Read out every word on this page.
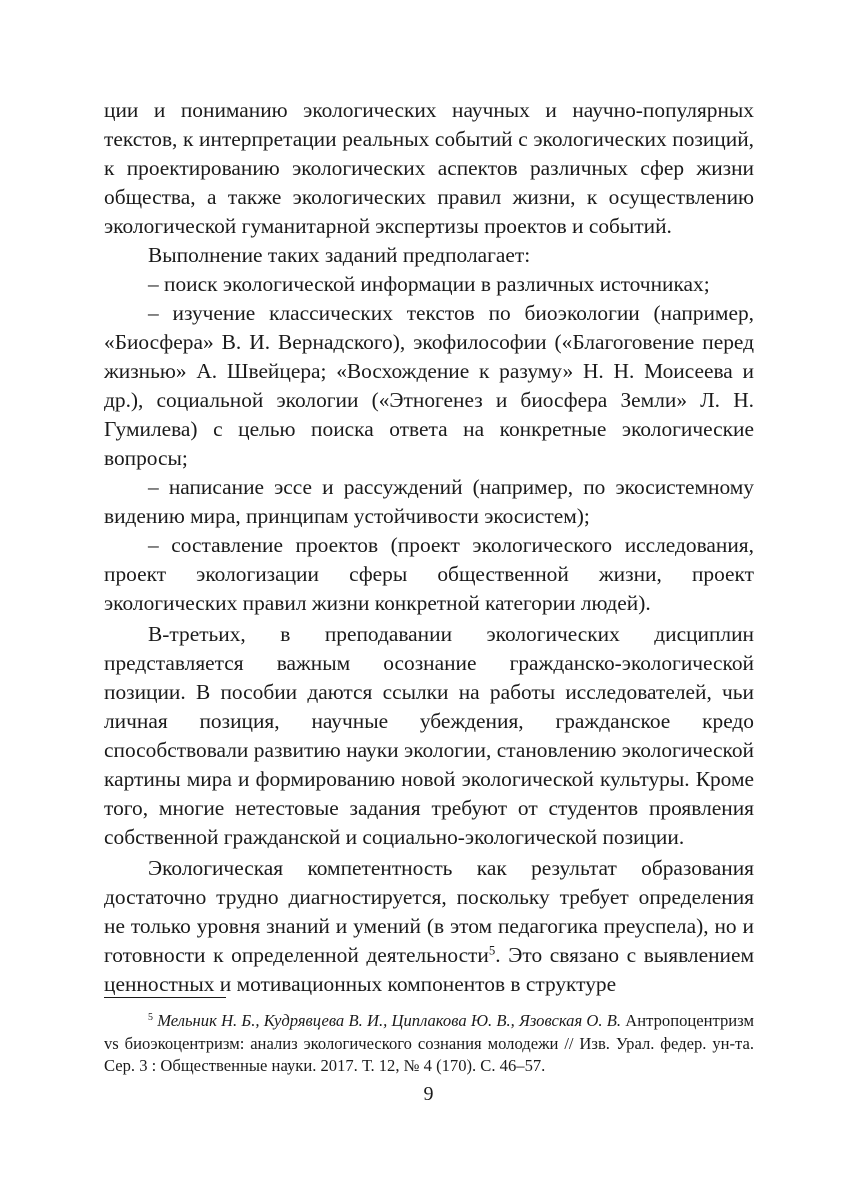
ции и пониманию экологических научных и научно-популярных текстов, к интерпретации реальных событий с экологических позиций, к проектированию экологических аспектов различных сфер жизни общества, а также экологических правил жизни, к осуществлению экологической гуманитарной экспертизы проектов и событий.

Выполнение таких заданий предполагает:

– поиск экологической информации в различных источниках;

– изучение классических текстов по биоэкологии (например, «Биосфера» В. И. Вернадского), экофилософии («Благоговение перед жизнью» А. Швейцера; «Восхождение к разуму» Н. Н. Моисеева и др.), социальной экологии («Этногенез и биосфера Земли» Л. Н. Гумилева) с целью поиска ответа на конкретные экологические вопросы;

– написание эссе и рассуждений (например, по экосистемному видению мира, принципам устойчивости экосистем);

– составление проектов (проект экологического исследования, проект экологизации сферы общественной жизни, проект экологических правил жизни конкретной категории людей).

В-третьих, в преподавании экологических дисциплин представляется важным осознание гражданско-экологической позиции. В пособии даются ссылки на работы исследователей, чьи личная позиция, научные убеждения, гражданское кредо способствовали развитию науки экологии, становлению экологической картины мира и формированию новой экологической культуры. Кроме того, многие нетестовые задания требуют от студентов проявления собственной гражданской и социально-экологической позиции.

Экологическая компетентность как результат образования достаточно трудно диагностируется, поскольку требует определения не только уровня знаний и умений (в этом педагогика преуспела), но и готовности к определенной деятельности$^5$. Это связано с выявлением ценностных и мотивационных компонентов в структуре

$^5$ Мельник Н. Б., Кудрявцева В. И., Циплакова Ю. В., Язовская О. В. Антропоцентризм vs биоэкоцентризм: анализ экологического сознания молодежи // Изв. Урал. федер. ун-та. Сер. 3 : Общественные науки. 2017. Т. 12, № 4 (170). С. 46–57.

9
